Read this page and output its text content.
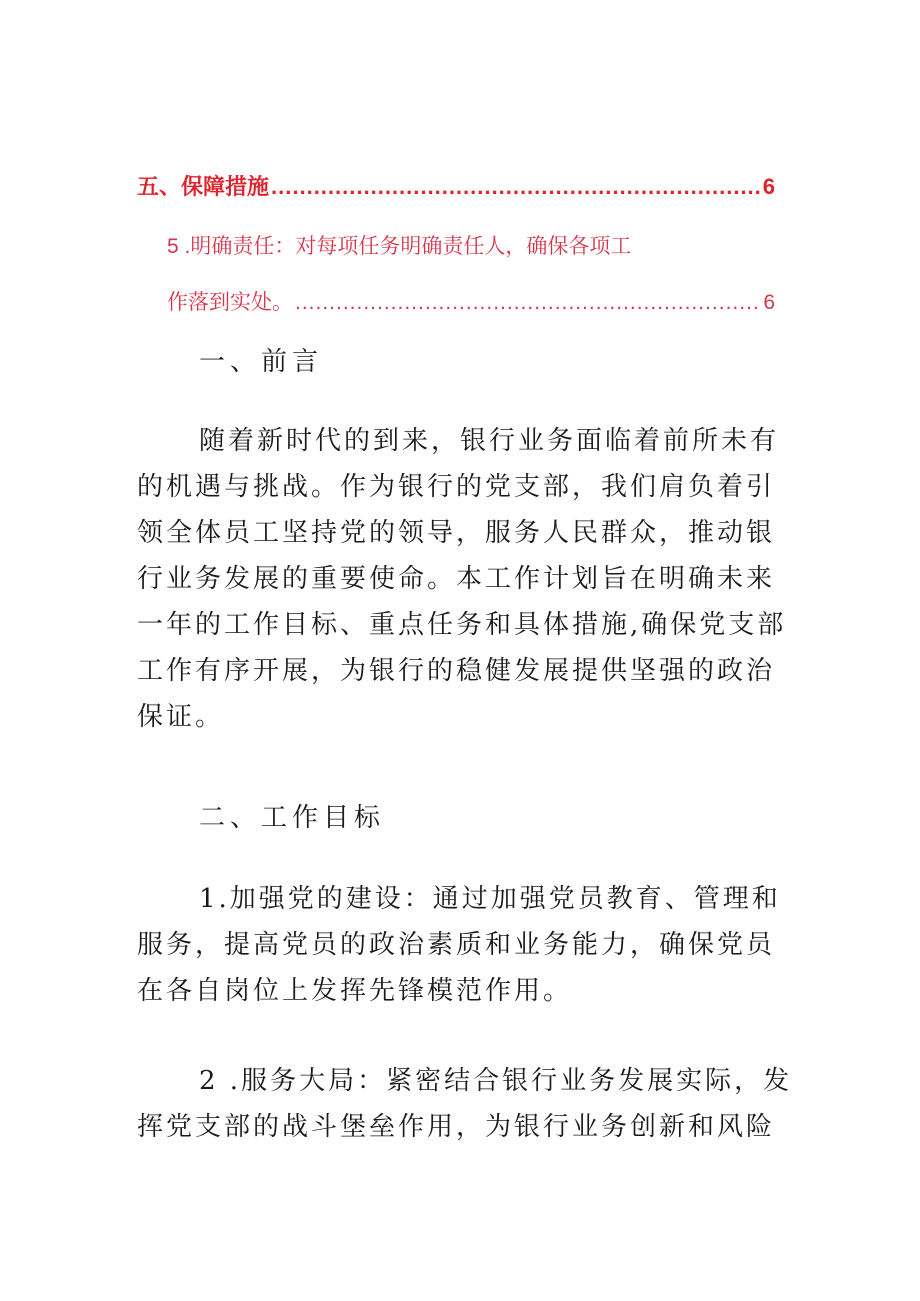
五、保障措施 .....	6
5 .明确责任：对每项任务明确责任人，确保各项工
作落到实处。 .....	6

一、前言

随着新时代的到来，银行业务面临着前所未有
的机遇与挑战。作为银行的党支部，我们肩负着引
领全体员工坚持党的领导，服务人民群众，推动银
行业务发展的重要使命。本工作计划旨在明确未来
一年的工作目标、重点任务和具体措施,确保党支部
工作有序开展，为银行的稳健发展提供坚强的政治
保证。

二、工作目标

1.加强党的建设：通过加强党员教育、管理和
服务，提高党员的政治素质和业务能力，确保党员
在各自岗位上发挥先锋模范作用。
2 .服务大局：紧密结合银行业务发展实际，发
挥党支部的战斗堡垒作用，为银行业务创新和风险
